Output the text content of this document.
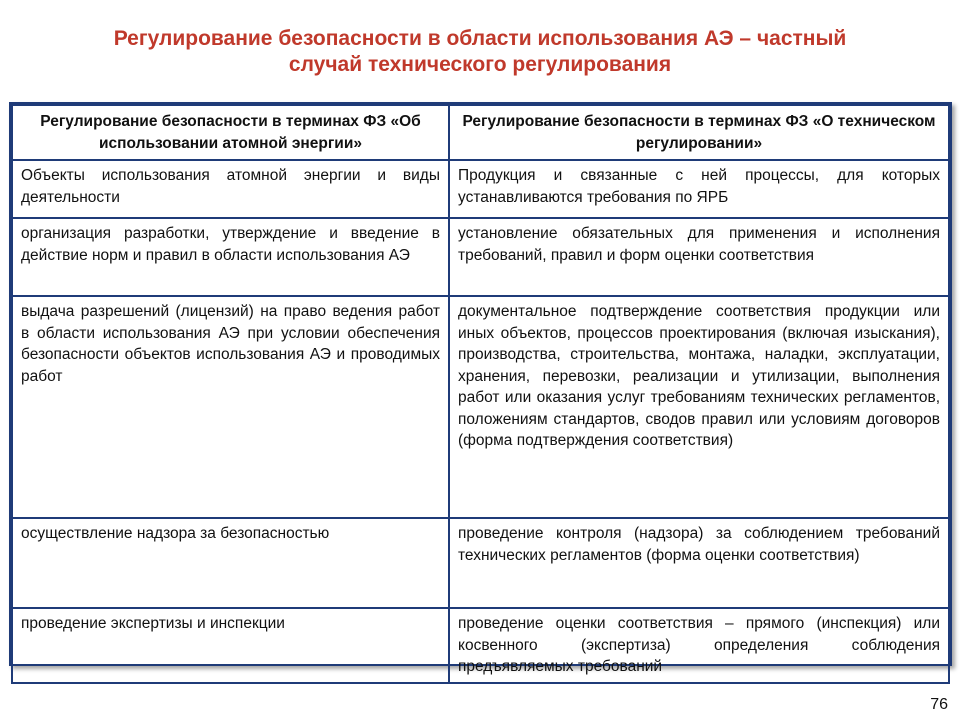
Регулирование безопасности в области использования АЭ – частный
случай технического регулирования
Регулирование безопасности в терминах ФЗ «Об использовании атомной энергии»	Регулирование безопасности в терминах ФЗ «О техническом регулировании»
Объекты использования атомной энергии и виды деятельности	Продукция и связанные с ней процессы, для которых устанавливаются требования по ЯРБ
организация разработки, утверждение и введение в действие норм и правил в области использования АЭ	установление обязательных для применения и исполнения требований, правил и форм оценки соответствия
выдача разрешений (лицензий) на право ведения работ в области использования АЭ при условии обеспечения безопасности объектов использования АЭ и проводимых работ	документальное подтверждение соответствия продукции или иных объектов, процессов проектирования (включая изыскания), производства, строительства, монтажа, наладки, эксплуатации, хранения, перевозки, реализации и утилизации, выполнения работ или оказания услуг требованиям технических регламентов, положениям стандартов, сводов правил или условиям договоров (форма подтверждения соответствия)
осуществление надзора за безопасностью	проведение контроля (надзора) за соблюдением требований технических регламентов (форма оценки соответствия)
проведение экспертизы и инспекции	проведение оценки соответствия – прямого (инспекция) или косвенного (экспертиза) определения соблюдения предъявляемых требований
76
